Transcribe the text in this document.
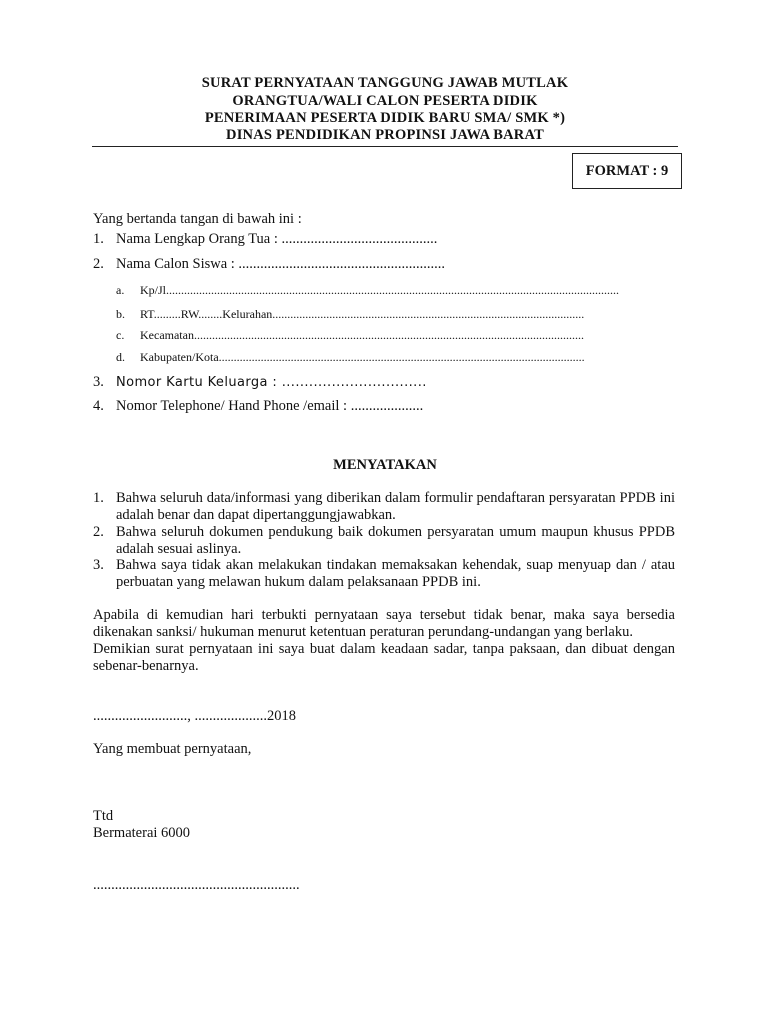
SURAT PERNYATAAN TANGGUNG JAWAB MUTLAK
ORANGTUA/WALI CALON PESERTA DIDIK
PENERIMAAN PESERTA DIDIK BARU SMA/ SMK *)
DINAS PENDIDIKAN PROPINSI JAWA BARAT
FORMAT : 9
Yang bertanda tangan di bawah ini :
1. Nama Lengkap Orang Tua : ...........................................
2. Nama Calon Siswa : .........................................................
a. Kp/Jl.......................................................................................................................................................
b. RT.........RW........Kelurahan........................................................................................................
c. Kecamatan..................................................................................................................................
d. Kabupaten/Kota..........................................................................................................................
3. Nomor Kartu Keluarga : ................................
4. Nomor Telephone/ Hand Phone /email : ....................
MENYATAKAN
1. Bahwa seluruh data/informasi yang diberikan dalam formulir pendaftaran persyaratan PPDB ini adalah benar dan dapat dipertanggungjawabkan.
2. Bahwa seluruh dokumen pendukung baik dokumen persyaratan umum maupun khusus PPDB adalah sesuai aslinya.
3. Bahwa saya tidak akan melakukan tindakan memaksakan kehendak, suap menyuap dan / atau perbuatan yang melawan hukum dalam pelaksanaan PPDB ini.
Apabila di kemudian hari terbukti pernyataan saya tersebut tidak benar, maka saya bersedia dikenakan sanksi/ hukuman menurut ketentuan peraturan perundang-undangan yang berlaku.
Demikian surat pernyataan ini saya buat dalam keadaan sadar, tanpa paksaan, dan dibuat dengan sebenar-benarnya.
.........................., ....................2018
Yang membuat pernyataan,
Ttd
Bermaterai 6000
.........................................................
